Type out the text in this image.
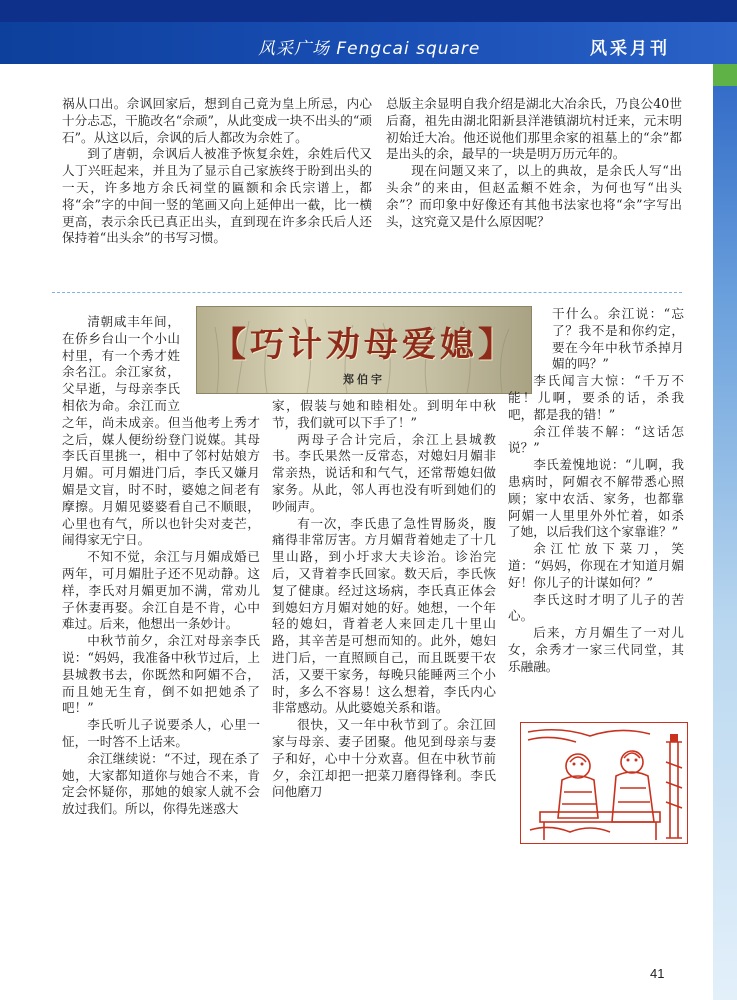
风采广场 Fengcai square	风采月刊

祸从口出。佘讽回家后，想到自己竟为皇上所忌，内心十分忐忑，干脆改名“佘顽”，从此变成一块不出头的“顽石”。从这以后，佘讽的后人都改为佘姓了。

到了唐朝，佘讽后人被准予恢复余姓，余姓后代又人丁兴旺起来，并且为了显示自己家族终于盼到出头的一天，许多地方余氏祠堂的匾额和余氏宗谱上，都将“余”字的中间一竖的笔画又向上延伸出一截，比一横更高，表示余氏已真正出头，直到现在许多余氏后人还保持着“出头余”的书写习惯。

总版主余显明自我介绍是湖北大冶余氏，乃良公40世后裔，祖先由湖北阳新县洋港镇湖坑村迁来，元末明初始迁大冶。他还说他们那里余家的祖墓上的“余”都是出头的余，最早的一块是明万历元年的。

现在问题又来了，以上的典故，是余氏人写“出头余”的来由，但赵孟頫不姓余，为何也写“出头余”？而印象中好像还有其他书法家也将“余”字写出头，这究竟又是什么原因呢？

【巧计劝母爱媳】
郑伯宇

清朝咸丰年间，在侨乡台山一个小山村里，有一个秀才姓余名江。余江家贫，父早逝，与母亲李氏相依为命。余江而立之年，尚未成亲。但当他考上秀才之后，媒人便纷纷登门说媒。其母李氏百里挑一，相中了邻村姑娘方月媚。可月媚进门后，李氏又嫌月媚是文盲，时不时，婆媳之间老有摩擦。月媚见婆婆看自己不顺眼，心里也有气，所以也针尖对麦芒，闹得家无宁日。

不知不觉，余江与月媚成婚已两年，可月媚肚子还不见动静。这样，李氏对月媚更加不满，常劝儿子休妻再娶。余江自是不肯，心中难过。后来，他想出一条妙计。

中秋节前夕，余江对母亲李氏说：“妈妈，我准备中秋节过后，上县城教书去，你既然和阿媚不合，而且她无生育，倒不如把她杀了吧！”

李氏听儿子说要杀人，心里一怔，一时答不上话来。

余江继续说：“不过，现在杀了她，大家都知道你与她合不来，肯定会怀疑你，那她的娘家人就不会放过我们。所以，你得先迷惑大

家，假装与她和睦相处。到明年中秋节，我们就可以下手了！”

两母子合计完后，余江上县城教书。李氏果然一反常态，对媳妇月媚非常亲热，说话和和气气，还常帮媳妇做家务。从此，邻人再也没有听到她们的吵闹声。

有一次，李氏患了急性胃肠炎，腹痛得非常厉害。方月媚背着她走了十几里山路，到小圩求大夫诊治。诊治完后，又背着李氏回家。数天后，李氏恢复了健康。经过这场病，李氏真正体会到媳妇方月媚对她的好。她想，一个年轻的媳妇，背着老人来回走几十里山路，其辛苦是可想而知的。此外，媳妇进门后，一直照顾自己，而且既要干农活，又要干家务，每晚只能睡两三个小时，多么不容易！这么想着，李氏内心非常感动。从此婆媳关系和谐。

很快，又一年中秋节到了。余江回家与母亲、妻子团聚。他见到母亲与妻子和好，心中十分欢喜。但在中秋节前夕，余江却把一把菜刀磨得锋利。李氏问他磨刀

干什么。余江说：“忘了？我不是和你约定，要在今年中秋节杀掉月媚的吗？”

李氏闻言大惊：“千万不能！儿啊，要杀的话，杀我吧，都是我的错！”

余江佯装不解：“这话怎说？”

李氏羞愧地说：“儿啊，我患病时，阿媚衣不解带悉心照顾；家中农活、家务，也都靠阿媚一人里里外外忙着，如杀了她，以后我们这个家靠谁？”

余江忙放下菜刀，笑道：“妈妈，你现在才知道月媚好！你儿子的计谋如何？”

李氏这时才明了儿子的苦心。

后来，方月媚生了一对儿女，余秀才一家三代同堂，其乐融融。

41
